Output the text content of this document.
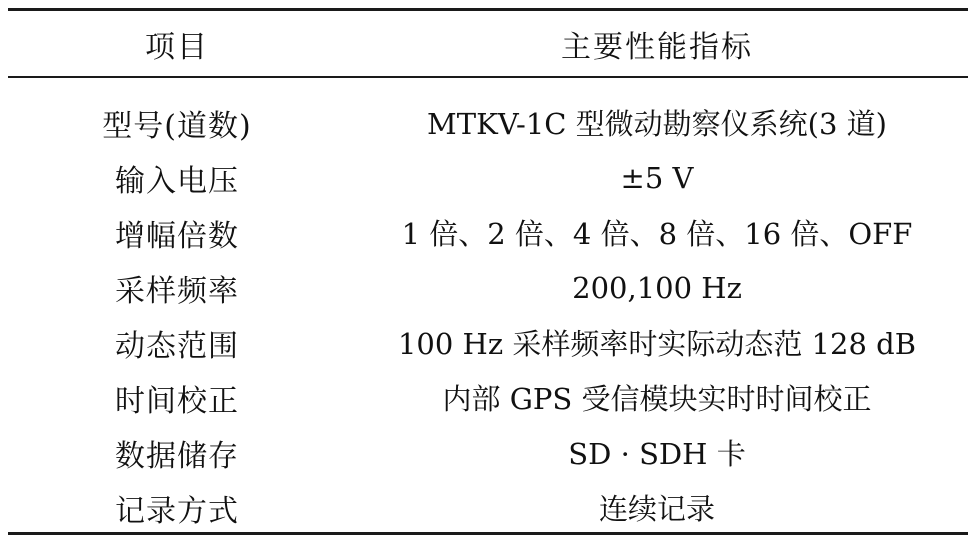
项目	主要性能指标
型号(道数)	MTKV-1C 型微动勘察仪系统(3 道)
输入电压	±5 V
增幅倍数	1 倍、2 倍、4 倍、8 倍、16 倍、OFF
采样频率	200,100 Hz
动态范围	100 Hz 采样频率时实际动态范 128 dB
时间校正	内部 GPS 受信模块实时时间校正
数据储存	SD · SDH 卡
记录方式	连续记录
